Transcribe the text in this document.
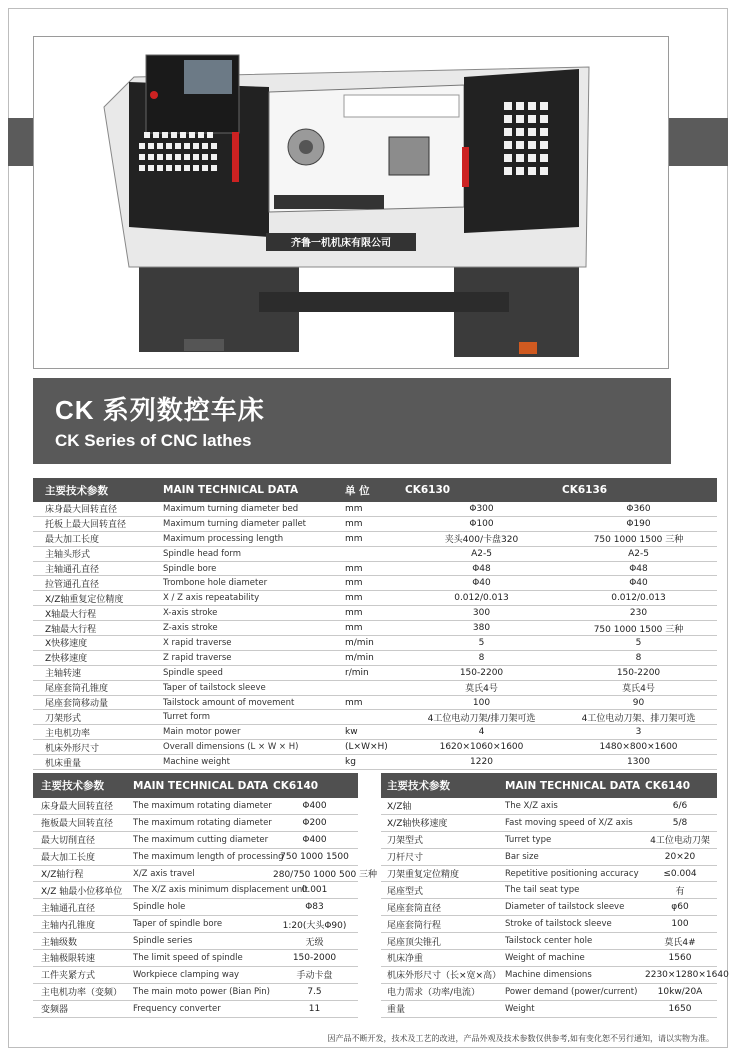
齐鲁一机机床有限公司
CK 系列数控车床
CK Series of CNC lathes
主要技术参数	MAIN TECHNICAL DATA	单 位	CK6130	CK6136
床身最大回转直径	Maximum turning diameter bed	mm	Φ300	Φ360
托板上最大回转直径	Maximum turning diameter pallet	mm	Φ100	Φ190
最大加工长度	Maximum processing length	mm	夹头400/卡盘320	750 1000 1500 三种
主轴头形式	Spindle head form		A2-5	A2-5
主轴通孔直径	Spindle bore	mm	Φ48	Φ48
拉管通孔直径	Trombone hole diameter	mm	Φ40	Φ40
X/Z轴重复定位精度	X / Z axis repeatability	mm	0.012/0.013	0.012/0.013
X轴最大行程	X-axis stroke	mm	300	230
Z轴最大行程	Z-axis stroke	mm	380	750 1000 1500 三种
X快移速度	X rapid traverse	m/min	5	5
Z快移速度	Z rapid traverse	m/min	8	8
主轴转速	Spindle speed	r/min	150-2200	150-2200
尾座套筒孔锥度	Taper of tailstock sleeve		莫氏4号	莫氏4号
尾座套筒移动量	Tailstock amount of movement	mm	100	90
刀架形式	Turret form		4工位电动刀架/排刀架可选	4工位电动刀架、排刀架可选
主电机功率	Main motor power	kw	4	3
机床外形尺寸	Overall dimensions (L × W × H)	(L×W×H)	1620×1060×1600	1480×800×1600
机床重量	Machine weight	kg	1220	1300
主要技术参数	MAIN TECHNICAL DATA	CK6140
床身最大回转直径	The maximum rotating diameter	Φ400
拖板最大回转直径	The maximum rotating diameter	Φ200
最大切削直径	The maximum cutting diameter	Φ400
最大加工长度	The maximum length of processing	750 1000 1500
X/Z轴行程	X/Z axis travel	280/750 1000 500 三种
X/Z 轴最小位移单位	The X/Z axis minimum displacement unit	0.001
主轴通孔直径	Spindle hole	Φ83
主轴内孔锥度	Taper of spindle bore	1:20(大头Φ90)
主轴级数	Spindle series	无级
主轴极限转速	The limit speed of spindle	150-2000
工件夹紧方式	Workpiece clamping way	手动卡盘
主电机功率（变频）	The main moto power (Bian Pin)	7.5
变频器	Frequency converter	11
主要技术参数	MAIN TECHNICAL DATA	CK6140
X/Z轴	The X/Z axis	6/6
X/Z轴快移速度	Fast moving speed of X/Z axis	5/8
刀架型式	Turret type	4工位电动刀架
刀杆尺寸	Bar size	20×20
刀架重复定位精度	Repetitive positioning accuracy	≤0.004
尾座型式	The tail seat type	有
尾座套筒直径	Diameter of tailstock sleeve	φ60
尾座套筒行程	Stroke of tailstock sleeve	100
尾座顶尖锥孔	Tailstock center hole	莫氏4#
机床净重	Weight of machine	1560
机床外形尺寸（长×宽×高）	Machine dimensions	2230×1280×1640
电力需求（功率/电流）	Power demand (power/current)	10kw/20A
重量	Weight	1650
因产品不断开发，技术及工艺的改进，产品外观及技术参数仅供参考,如有变化恕不另行通知，请以实物为准。
